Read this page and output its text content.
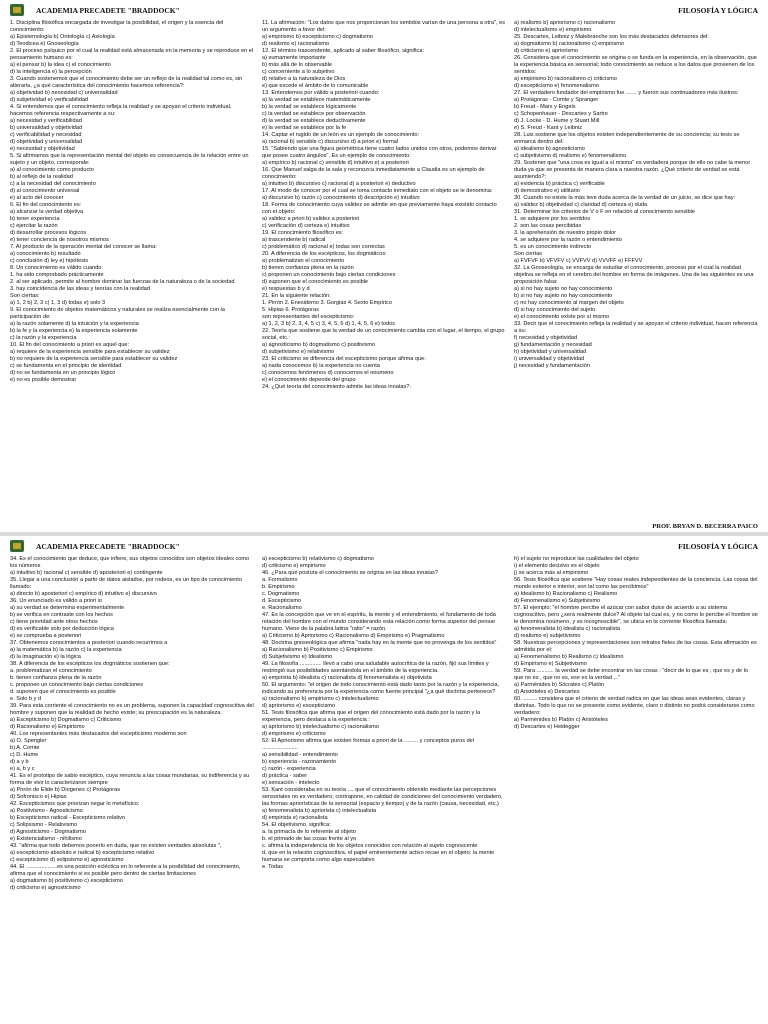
ACADEMIA PRECADETE "BRADDOCK"	FILOSOFÍA Y LÓGICA

1. Disciplina filosófica encargada de investigar la posibilidad, el origen y la esencia del conocimiento:

a) Epistemología b) Ontología c) Axiología

d) Teodicea e) Gnoseología

2. El proceso psíquico por el cual la realidad está almacenada en la memoria y se reproduce en el pensamiento humano es:

a) el pensar b) la idea c) el conocimiento

d) la inteligencia e) la percepción

3. Cuando sostenemos que el conocimiento debe ser un reflejo de la realidad tal como es, sin alterarla, ¿a qué característica del conocimiento hacemos referencia?:

a) objetividad b) necesidad c) universalidad

d) subjetividad e) verificabilidad

4. Si entendemos que el conocimiento refleja la realidad y se apoyan el criterio individual, hacemos referencia respectivamente a su:

a) necesidad y verificabilidad

b) universalidad y objetividad

c) verificabilidad y necesidad

d) objetividad y universalidad

e) necesidad y objetividad

5. Si afirmamos que la representación mental del objeto es consecuencia de la relación entre un sujeto y un objeto, corresponde:

a) al conocimiento como producto

b) al reflejo de la realidad

c) a la necesidad del conocimiento

d) al conocimiento universal

e) al acto del conocer

6. El fin del conocimiento es:

a) alcanzar la verdad objetiva

b) tener experiencia

c) ejercitar la razón

d) desarrollar procesos lógicos

e) tener conciencia de nosotros mismos

7. Al producto de la operación mental del conocer se llama:

a) conocimiento b) resultado

c) conclusión d) ley e) hipótesis

8. Un conocimiento es válido cuando:

1. ha sido comprobado prácticamente

2. al ser aplicado, permite al hombre dominar las fuerzas de la naturaleza o de la sociedad

3. hay coincidencia de las ideas y teorías con la realidad

Son ciertas:

a) 1, 2 b) 2, 3 c) 1, 3 d) todas e) solo 3

9. El conocimiento de objetos matemáticos y naturales se realiza esencialmente con la participación de:

a) la razón solamente d) la intuición y la experiencia

b) la fe y la experiencia e) la experiencia solamente

c) la razón y la experiencia

10. El fin del conocimiento a priori es aquel que:

a) requiere de la experiencia sensible para establecer su validez

b) no requiere de la experiencia sensible para establecer su validez

c) se fundamenta en el principio de identidad

d) no se fundamenta en un principio lógico

e) no es posible demostrar

11. La afirmación: "Los datos que nos proporcionan los sentidos varían de una persona a otra", es un argumento a favor del:

a) empirismo b) escepticismo c) dogmatismo

d) realismo e) racionalismo

12. El término trascendente, aplicado al saber filosófico, significa:

a) sumamente importante

b) más allá de lo observable

c) concerniente a lo subjetivo

d) relativo a la naturaleza de Dios

e) que excede el ámbito de lo comunicable

13. Entendemos por válido a posteriori cuando:

a) la verdad se establece matemáticamente

b) la verdad se establece lógicamente

c) la verdad se establece por observación

d) la verdad se establece deductivamente

e) la verdad se establece por la fe

14. Captar el rugido de un león es un ejemplo de conocimiento:

a) racional b) sensible c) discursivo d) a priori e) formal

15. "Sabiendo que una figura geométrica tiene cuatro lados unidos con otros, podemos derivar que posee cuatro ángulos". Es un ejemplo de conocimiento:

a) empírico b) racional c) sensible d) intuitivo e) a posteriori

16. Que Manuel salga de la sala y reconozca inmediatamente a Claudia es un ejemplo de conocimiento:

a) intuitivo b) discursivo c) racional d) a posteriori e) deductivo

17. Al modo de conocer por el cual se toma contacto inmediato con el objeto se le denomina:

a) discursivo b) razón c) conocimiento d) descripción e) intuitivo

18. Forma de conocimiento cuya validez se admite sin que previamente haya existido contacto con el objeto:

a) validez a priori b) validez a posteriori

c) verificación d) certeza e) intuitivo

19. El conocimiento filosófico es:

a) trascendente b) radical

c) problemático d) racional e) todas son correctas

20. A diferencia de los escépticos, los dogmáticos:

a) problematizan el conocimiento

b) tienen confianza plena en la razón

c) proponen un conocimiento bajo ciertas condiciones

d) suponen que el conocimiento es posible

e) respuestas b y d

21. En la siguiente relación:

1. Pirrón 2. Enesidemo 3. Gorgias 4. Sexto Empírico

5. Hipias 6. Protágoras

son representantes del escepticismo:

a) 1, 2, 3 b) 2, 3, 4, 5 c) 3, 4, 5, 6 d) 1, 4, 5, 6 e) todos

22. Teoría que sostiene que la verdad de un conocimiento cambia con el lugar, el tiempo, el grupo social, etc.:

a) agnosticismo b) dogmatismo c) positivismo

d) subjetivismo e) relativismo

23. El criticismo se diferencia del escepticismo porque afirma que:

a) nada conocemos b) la experiencia no cuenta

c) conocemos fenómenos d) conocemos el noumeno

e) el conocimiento depende del grupo

24. ¿Qué teoría del conocimiento admite las ideas innatas?:

a) realismo b) apriorismo c) racionalismo

d) intelectualismo e) empirismo

25. Descartes, Leibniz y Malebranche son los más destacados defensores del:

a) dogmatismo b) racionalismo c) empirismo

d) criticismo e) apriorismo

26. Considera que el conocimiento se origina o se funda en la experiencia, en la observación, que la experiencia básica es sensorial; todo conocimiento se reduce a los datos que provienen de los sentidos:

a) empirismo b) racionalismo c) criticismo

d) escepticismo e) fenomenalismo

27. El verdadero fundador del empirismo fue ....... y fueron sus continuadores más ilustres:

a) Protágoras - Comte y Spranger

b) Freud - Marx y Engels

c) Schopenhauer - Descartes y Sartre

d) J. Locke - D. Hume y Stuart Mill

e) S. Freud - Kant y Leibniz

28. Luis sostiene que los objetos existen independientemente de su conciencia; su tesis se enmarca dentro del:

a) idealismo b) agnosticismo

c) subjetivismo d) realismo e) fenomenalismo

29. Sostener que "una cosa es igual a sí misma" es verdadera porque de ello no cabe la menor duda ya que se presenta de manera clara a nuestra razón. ¿Qué criterio de verdad se está asumiendo?:

a) evidencia b) práctica c) verificable

d) demostrativo e) utilitario

30. Cuando no existe la más leve duda acerca de la verdad de un juicio, se dice que hay:

a) validez b) objetividad c) claridad d) certeza e) duda

31. Determinar los criterios de V o F en relación al conocimiento sensible

1. se adquiere por los sentidos

2. son las cosas percibidas

3. la aprehensión de nuestro propio dolor

4. se adquiere por la razón o entendimiento

5. es un conocimiento indirecto

Son ciertas

a) FVFVF b) VFVFV c) VVFVV d) VVVFF e) FFFVV

32. La Gnoseología, se encarga de estudiar el conocimiento, proceso por el cual la realidad objetiva se refleja en el cerebro del hombre en forma de imágenes. Una de las siguientes es una proposición falsa:

a) si no hay sujeto no hay conocimiento

b) si no hay sujeto no hay conocimiento

c) no hay conocimiento al margen del objeto

d) si hay conocimiento del sujeto

e) el conocimiento existe por sí mismo

33. Decir que el conocimiento refleja la realidad y se apoyan el criterio individual, hacen referencia a su:

f) necesidad y objetividad

g) fundamentación y necesidad

h) objetividad y universalidad

i) universalidad y objetividad

j) necesidad y fundamentación

PROF. BRYAN D. BECERRA PAICO
ACADEMIA PRECADETE "BRADDOCK"	FILOSOFÍA Y LÓGICA

34. Es el conocimiento que deduce, que infiere, sus objetos conocidos son objetos ideales como los números

a) intuitivo b) racional c) sensible d) aposteriori e) contingente

35. Llegar a una conclusión a partir de datos aislados, por rodeos, es un tipo de conocimiento llamado:

a) directo b) aposteriori c) empírico d) intuitivo e) discursivo

36. Un enunciado es válido a priori si

a) su verdad se determina experimentalmente

b) se verifica en contraste con los hechos

c) tiene prioridad ante otros hechos

d) es verificable solo por deducción lógica

e) se comprueba a posteriori

37. Obtenemos conocimientos a posteriori cuando recurrimos a

a) la matemática b) la razón c) la experiencia

d) la imaginación e) la lógica

38. A diferencia de los escépticos los dogmáticos sostienen que:

a. problematizan el conocimiento

b. tienen confianza plena de la razón

c. proponen un conocimiento bajo ciertas condiciones

d. suponen que el conocimiento es posible

e. Solo b y d

39. Para esta corriente el conocimiento no es un problema, suponen la capacidad cognoscitiva del hombre y suponen que la realidad de hecho existe; su preocupación es la naturaleza.

a) Escepticismo b) Dogmatismo c) Criticismo

d) Racionalismo e) Empirismo

40. Los representantes más destacados del escepticismo moderno son

a) O. Spengler

b) A. Comte

c) D. Hume

d) a y b

e) a, b y c

41. Es el prototipo de sabio escéptico, cuya renuncia a las cosas mundanas, su indiferencia y su forma de vivir lo caracterizaron siempre

a) Pirrón de Elide b) Diogenes c) Protágoras

d) Sofronisco e) Hipias

42. Escepticismos que priorizan negar lo metafísico:

a) Positivismo - Agnosticismo

b) Escepticismo radical - Escepticismo relativo

c) Solipsismo - Relativismo

d) Agnosticismo - Dogmatismo

e) Existencialismo - nihilismo

43. "afirma que todo debemos ponerlo en duda, que no existen verdades absolutas ",

a) escepticismo absoluto e radical b) escepticismo relativo

c) escepticismo d) solipsismo e) agnosticismo

44. El ....................es una posición ecléctica en lo referente a la posibilidad del conocimiento, afirma que el conocimiento si es posible pero dentro de ciertas limitaciones

a) dogmatismo b) positivismo c) escepticismo

d) criticismo e) agnosticismo

a) escepticismo b) relativismo c) dogmatismo

d) criticismo e) empirismo

46. ¿Para qué postura el conocimiento se origina en las ideas innatas?

a. Formalismo

b. Empirismo

c. Dogmatismo

d. Escepticismo

e. Racionalismo

47. Es la concepción que ve en el espíritu, la mente y el entendimiento, el fundamento de toda relación del hombre con el mundo considerando esta relación como forma superior del pensar humano. Viene de la palabra latina "ratio" = razón.

a) Criticismo b) Apriorismo c) Racionalismo d) Empirismo e) Pragmatismo

48. Doctrina gnoseológica que afirma "nada hay en la mente que no provenga de los sentidos"

a) Racionalismo b) Positivismo c) Empirismo

d) Subjetivismo e) Idealismo

49. La filosofía .............. llevó a cabo una saludable autocrítica de la razón, fijó sus límites y restringió sus posibilidades asentándola en el ámbito de la experiencia.

a) empirista b) idealista c) racionalista d) fenomenalista e) objetivista

50. El argumento: "el origen de todo conocimiento está dado tanto por la razón y la experiencia, indicando su preferencia por la experiencia como fuente principal "¿a qué doctrina pertenece?

a) racionalismo b) empirismo c) intelectualismo

d) apriorismo e) escepticismo

51. Tesis filosófica que afirma que el origen del conocimiento está dado por la razón y la experiencia, pero destaca a la experiencia :

a) apriorismo b) intelectualismo c) racionalismo

d) empirismo e) criticismo

52. El Apriorismo afirma que existen formas a priori de la ......... y conceptos puros del .......................

a) sensibilidad - entendimiento

b) experiencia - razonamiento

c) razón - experiencia

d) práctica - saber

e) sensación - intelecto

53. Kant consideraba en su teoría .... que el conocimiento obtenido mediante las percepciones sensoriales no es verdadero; contrapone, en calidad de condiciones del conocimiento verdadero, las formas apriorísticas de la sensorial (espacio y tiempo) y de la razón (causa, necesidad, etc.)

a) fenomenalista b) apriorista c) intelectualista

d) empirista e) racionalista

54. El objetivismo, significa:

a. la primacía de lo referente al objeto

b. el primado de las cosas frente al yo

c. afirma la independencia de los objetos conocidos con relación al sujeto cognoscente

d. que en la relación cognoscitiva, el papel eminentemente activo recae en el objeto; la mente humana se comporta como algo especulativo

e. Todas

h) el sujeto no reproduce las cualidades del objeto

i) el elemento decisivo es el objeto

j) se acerca más al empirismo

56. Tesis filosófica que sostiene "Hay cosas reales independientes de la conciencia. Las cosas del mundo exterior e interior, son tal como las percibimos"

a) Idealismo b) Racionalismo c) Realismo

d) Fenomenalismo e) Subjetivismo

57. El ejemplo: "el hombre percibe el azúcar con sabor dulce de acuerdo a su sistema cognoscitivo, pero ¿será realmente dulce? Al objeto tal cual es, y no como lo percibe el hombre se le denomina noúmeno, y es incognoscible", se ubica en la corriente filosófica llamada:

a) fenomenalista b) idealista c) racionalista

d) realismo e) subjetivismo

58. Nuestras percepciones y representaciones son retratos fieles de las cosas. Esta afirmación es admitida por el:

a) Fenomenalismo b) Realismo c) Idealismo

d) Empirismo e) Subjetivismo

59. Para ........... la verdad se debe encontrar en las cosas : "decir de lo que es , que es y de lo que no es , que no es, ese es la verdad ..."

a) Parménides b) Sócrates c) Platón

d) Aristóteles e) Descartes

60. ......... considera que el criterio de verdad radica en que las ideas sean evidentes, claras y distintas. Todo lo que no se presente como evidente, claro o distinto no podrá considerarse como verdadero:

a) Parménides b) Platón c) Aristóteles

d) Descartes e) Heidegger
